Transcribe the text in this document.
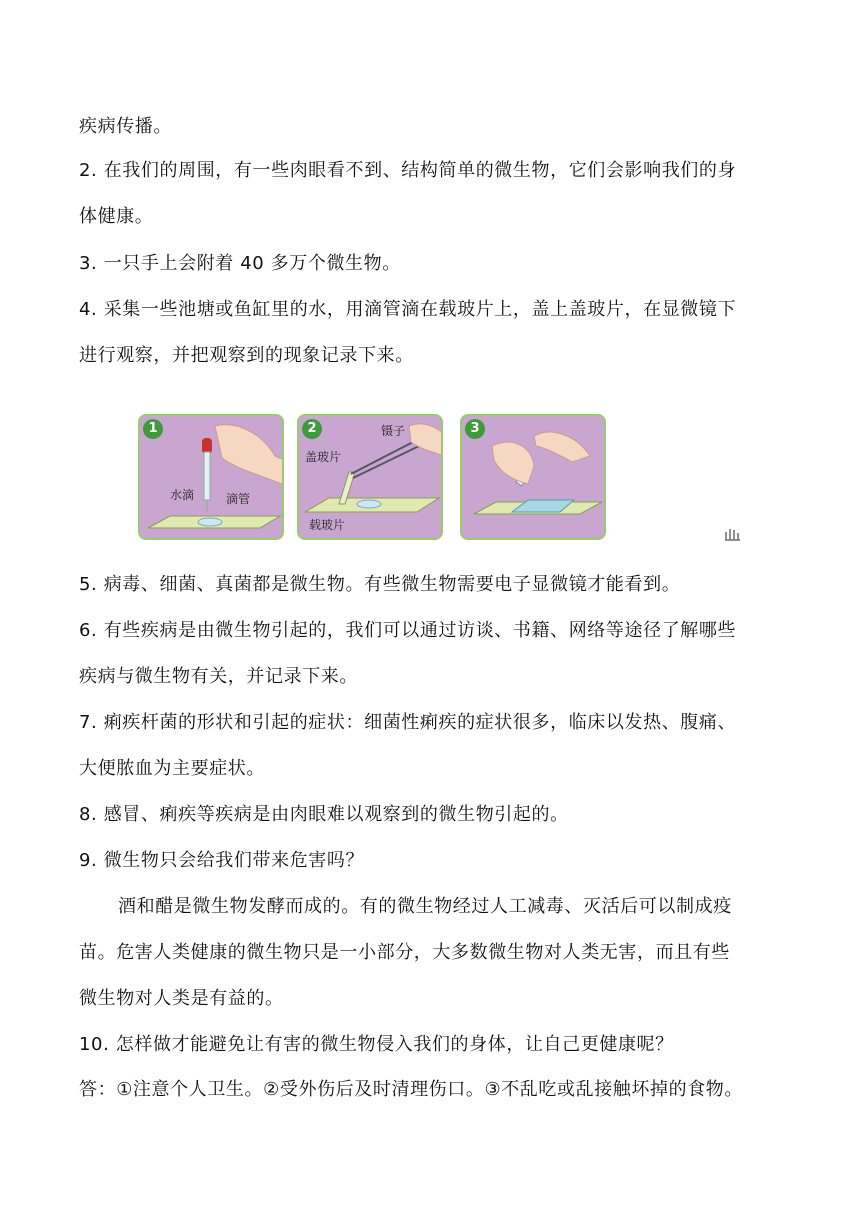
疾病传播。
2. 在我们的周围，有一些肉眼看不到、结构简单的微生物，它们会影响我们的身
体健康。
3. 一只手上会附着 40 多万个微生物。
4. 采集一些池塘或鱼缸里的水，用滴管滴在载玻片上，盖上盖玻片，在显微镜下
进行观察，并把观察到的现象记录下来。
1
水滴	滴管
2	镊子
盖玻片
载玻片
3
5. 病毒、细菌、真菌都是微生物。有些微生物需要电子显微镜才能看到。
6. 有些疾病是由微生物引起的，我们可以通过访谈、书籍、网络等途径了解哪些
疾病与微生物有关，并记录下来。
7. 痢疾杆菌的形状和引起的症状：细菌性痢疾的症状很多，临床以发热、腹痛、
大便脓血为主要症状。
8. 感冒、痢疾等疾病是由肉眼难以观察到的微生物引起的。
9. 微生物只会给我们带来危害吗？
酒和醋是微生物发酵而成的。有的微生物经过人工减毒、灭活后可以制成疫
苗。危害人类健康的微生物只是一小部分，大多数微生物对人类无害，而且有些
微生物对人类是有益的。
10. 怎样做才能避免让有害的微生物侵入我们的身体，让自己更健康呢？
答：①注意个人卫生。②受外伤后及时清理伤口。③不乱吃或乱接触坏掉的食物。
